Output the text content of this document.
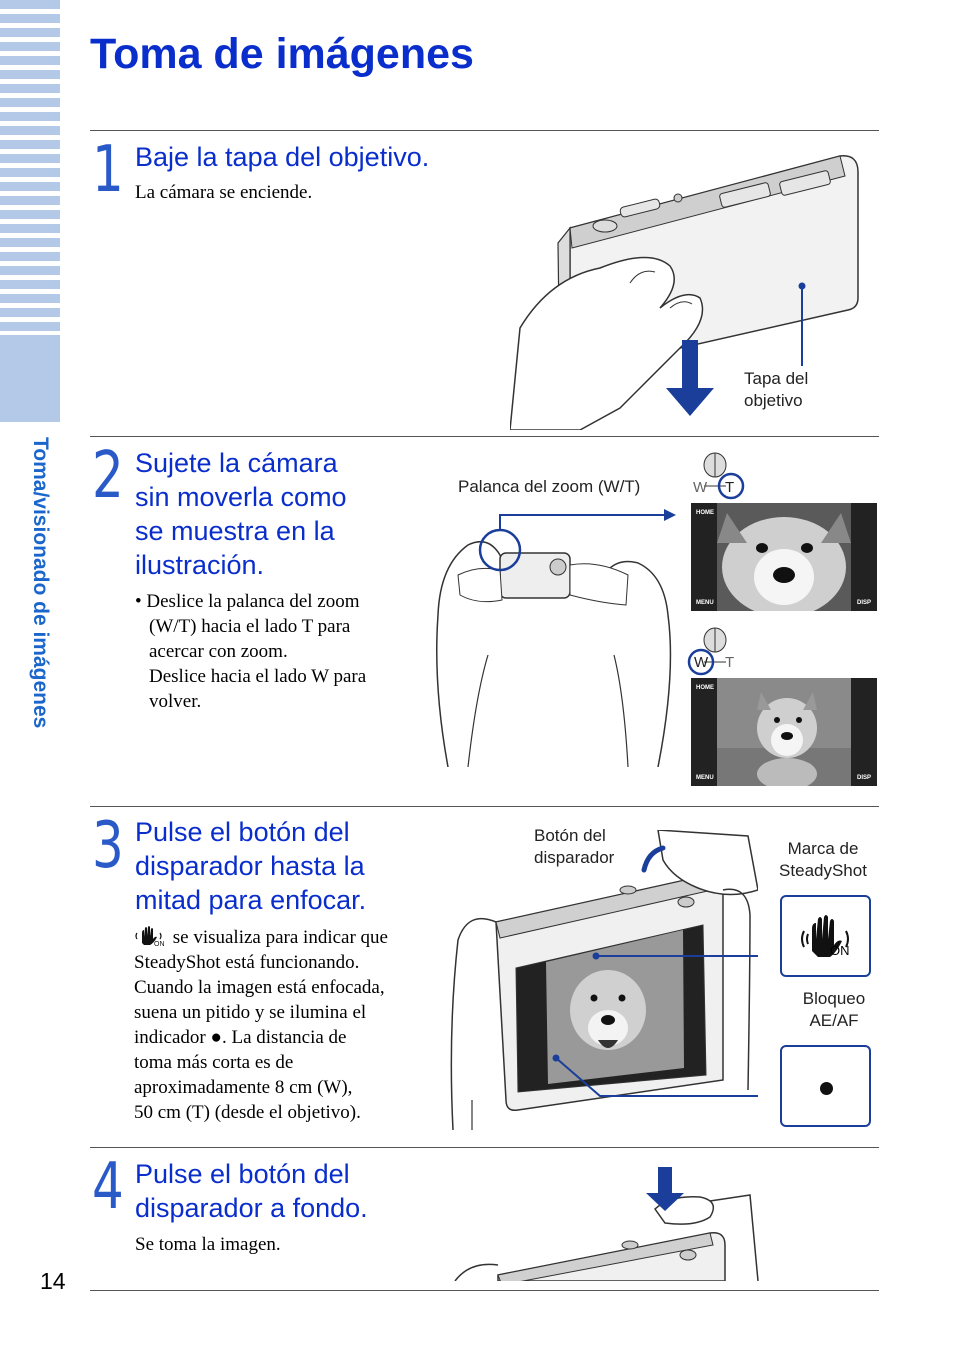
Toma/visionado de imágenes
Toma de imágenes
1 Baje la tapa del objetivo.
La cámara se enciende.
Tapa del objetivo
2 Sujete la cámara
sin moverla como
se muestra en la
ilustración.
• Deslice la palanca del zoom
(W/T) hacia el lado T para
acercar con zoom.
Deslice hacia el lado W para
volver.
Palanca del zoom (W/T)	W T
HOME
MENU	DISP
W T
HOME
MENU	DISP
3 Pulse el botón del
disparador hasta la
mitad para enfocar.
ON se visualiza para indicar que
SteadyShot está funcionando.
Cuando la imagen está enfocada,
suena un pitido y se ilumina el
indicador ●. La distancia de
toma más corta es de
aproximadamente 8 cm (W),
50 cm (T) (desde el objetivo).
Botón del disparador	Marca de SteadyShot
Bloqueo AE/AF
ON
4 Pulse el botón del
disparador a fondo.
Se toma la imagen.
14
